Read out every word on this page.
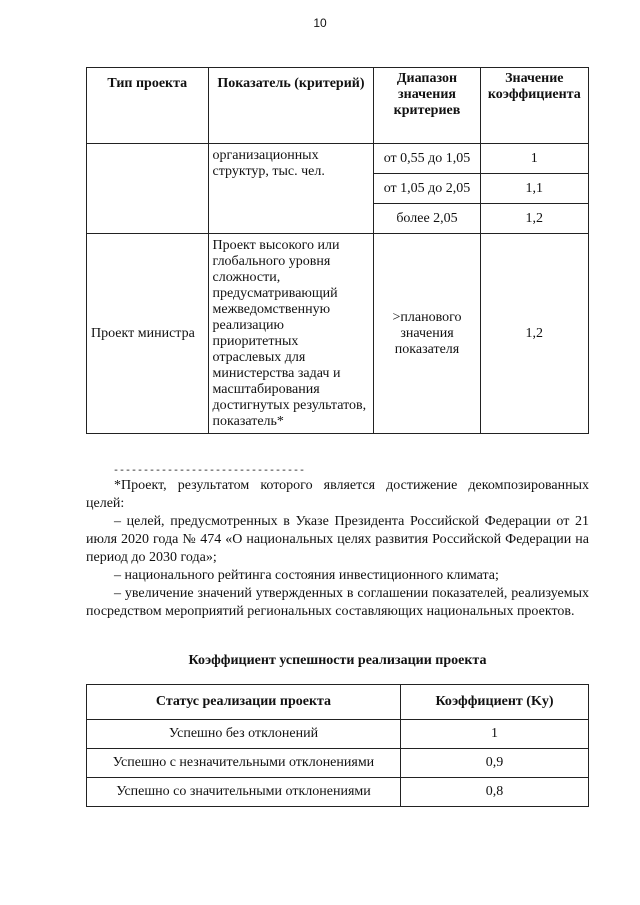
10
Тип проекта	Показатель (критерий)	Диапазон значения критериев	Значение коэффициента
	организационных структур, тыс. чел.	от 0,55 до 1,05	1
		от 1,05 до 2,05	1,1
		более 2,05	1,2
Проект министра	Проект высокого или глобального уровня сложности, предусматривающий межведомственную реализацию приоритетных отраслевых для министерства задач и масштабирования достигнутых результатов, показатель*	>планового значения показателя	1,2
--------------------------------

*Проект, результатом которого является достижение декомпозированных целей:

– целей, предусмотренных в Указе Президента Российской Федерации от 21 июля 2020 года № 474 «О национальных целях развития Российской Федерации на период до 2030 года»;

– национального рейтинга состояния инвестиционного климата;

– увеличение значений утвержденных в соглашении показателей, реализуемых посредством мероприятий региональных составляющих национальных проектов.

Коэффициент успешности реализации проекта
Статус реализации проекта	Коэффициент (Kу)
Успешно без отклонений	1
Успешно с незначительными отклонениями	0,9
Успешно со значительными отклонениями	0,8
